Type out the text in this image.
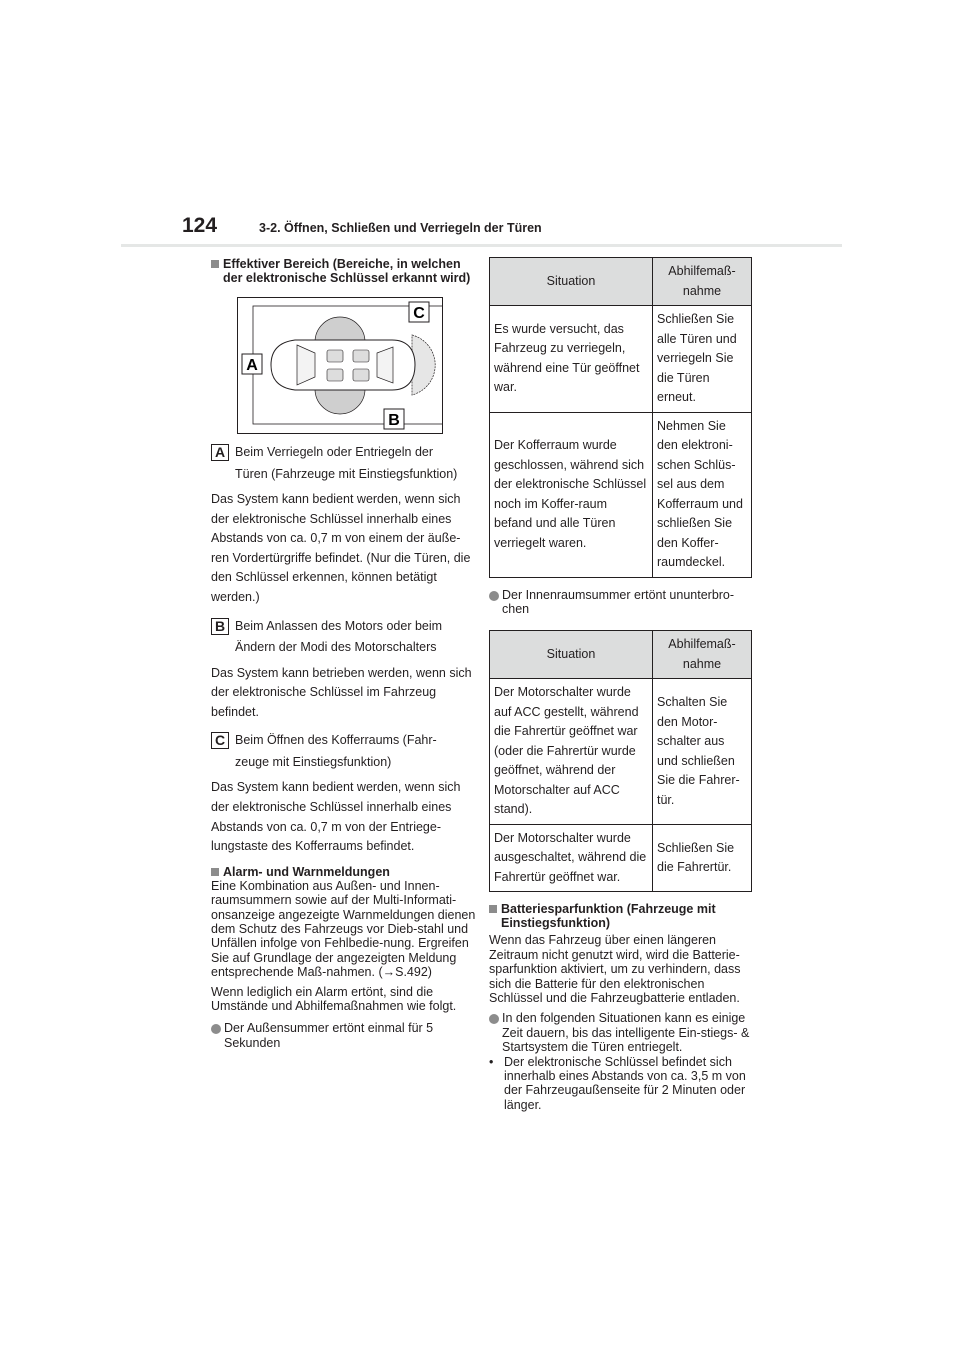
124	3-2. Öffnen, Schließen und Verriegeln der Türen
Effektiver Bereich (Bereiche, in welchen der elektronische Schlüssel erkannt wird)
C
A
B
A Beim Verriegeln oder Entriegeln der
Türen (Fahrzeuge mit Einstiegsfunktion)

Das System kann bedient werden, wenn sich der elektronische Schlüssel innerhalb eines Abstands von ca. 0,7 m von einem der äuße-ren Vordertürgriffe befindet. (Nur die Türen, die den Schlüssel erkennen, können betätigt werden.)

B Beim Anlassen des Motors oder beim
Ändern der Modi des Motorschalters

Das System kann betrieben werden, wenn sich der elektronische Schlüssel im Fahrzeug befindet.

C Beim Öffnen des Kofferraums (Fahr-
zeuge mit Einstiegsfunktion)

Das System kann bedient werden, wenn sich der elektronische Schlüssel innerhalb eines Abstands von ca. 0,7 m von der Entriege-lungstaste des Kofferraums befindet.

Alarm- und Warnmeldungen

Eine Kombination aus Außen- und Innen-raumsummern sowie auf der Multi-Informati-onsanzeige angezeigte Warnmeldungen dienen dem Schutz des Fahrzeugs vor Dieb-stahl und Unfällen infolge von Fehlbedie-nung. Ergreifen Sie auf Grundlage der angezeigten Meldung entsprechende Maß-nahmen. (→S.492)

Wenn lediglich ein Alarm ertönt, sind die Umstände und Abhilfemaßnahmen wie folgt.

Der Außensummer ertönt einmal für 5 Sekunden
Situation	Abhilfemaß-nahme
Es wurde versucht, das Fahrzeug zu verriegeln, während eine Tür geöffnet war.	Schließen Sie alle Türen und verriegeln Sie die Türen erneut.
Der Kofferraum wurde geschlossen, während sich der elektronische Schlüssel noch im Koffer-raum befand und alle Türen verriegelt waren.	Nehmen Sie den elektroni-schen Schlüs-sel aus dem Kofferraum und schließen Sie den Koffer-raumdeckel.
Der Innenraumsummer ertönt ununterbro-chen
Situation	Abhilfemaß-nahme
Der Motorschalter wurde auf ACC gestellt, während die Fahrertür geöffnet war (oder die Fahrertür wurde geöffnet, während der Motorschalter auf ACC stand).	Schalten Sie den Motor-schalter aus und schließen Sie die Fahrer-tür.
Der Motorschalter wurde ausgeschaltet, während die Fahrertür geöffnet war.	Schließen Sie die Fahrertür.
Batteriesparfunktion (Fahrzeuge mit Einstiegsfunktion)

Wenn das Fahrzeug über einen längeren Zeitraum nicht genutzt wird, wird die Batterie-sparfunktion aktiviert, um zu verhindern, dass sich die Batterie für den elektronischen Schlüssel und die Fahrzeugbatterie entladen.

In den folgenden Situationen kann es einige Zeit dauern, bis das intelligente Ein-stiegs- & Startsystem die Türen entriegelt.
• Der elektronische Schlüssel befindet sich innerhalb eines Abstands von ca. 3,5 m von der Fahrzeugaußenseite für 2 Minuten oder länger.
